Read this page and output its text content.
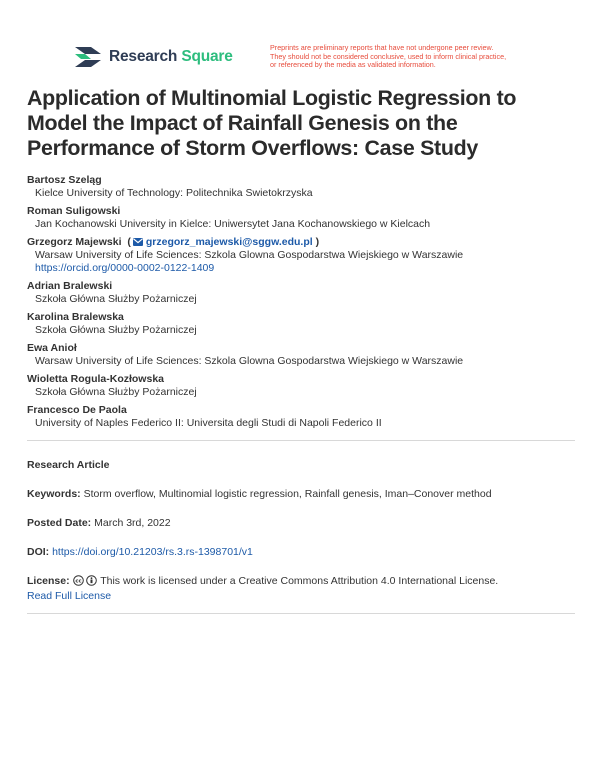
Research Square
Preprints are preliminary reports that have not undergone peer review.
They should not be considered conclusive, used to inform clinical practice,
or referenced by the media as validated information.
Application of Multinomial Logistic Regression to Model the Impact of Rainfall Genesis on the Performance of Storm Overflows: Case Study
Bartosz Szeląg
Kielce University of Technology: Politechnika Swietokrzyska
Roman Suligowski
Jan Kochanowski University in Kielce: Uniwersytet Jana Kochanowskiego w Kielcach
Grzegorz Majewski  ( grzegorz_majewski@sggw.edu.pl )
Warsaw University of Life Sciences: Szkola Glowna Gospodarstwa Wiejskiego w Warszawie
https://orcid.org/0000-0002-0122-1409
Adrian Bralewski
Szkoła Główna Służby Pożarniczej
Karolina Bralewska
Szkoła Główna Służby Pożarniczej
Ewa Anioł
Warsaw University of Life Sciences: Szkola Glowna Gospodarstwa Wiejskiego w Warszawie
Wioletta Rogula-Kozłowska
Szkoła Główna Służby Pożarniczej
Francesco De Paola
University of Naples Federico II: Universita degli Studi di Napoli Federico II
Research Article
Keywords: Storm overflow, Multinomial logistic regression, Rainfall genesis, Iman–Conover method
Posted Date: March 3rd, 2022
DOI: https://doi.org/10.21203/rs.3.rs-1398701/v1
License: cc This work is licensed under a Creative Commons Attribution 4.0 International License.
Read Full License
